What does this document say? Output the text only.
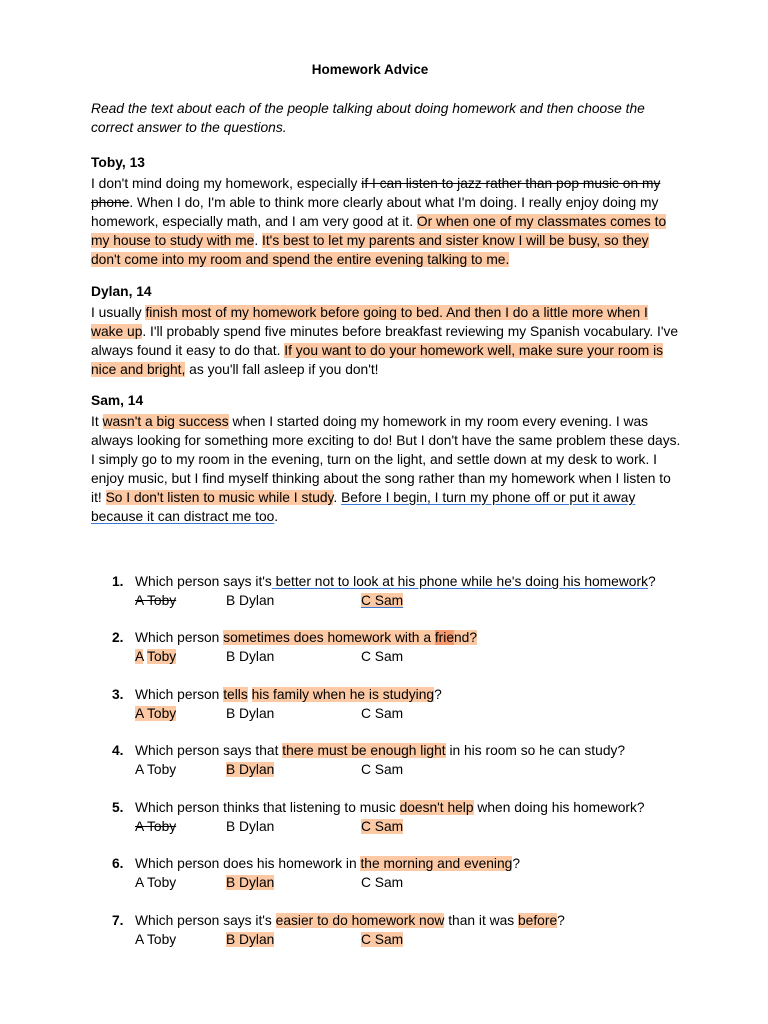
Homework Advice
Read the text about each of the people talking about doing homework and then choose the correct answer to the questions.
Toby, 13
I don't mind doing my homework, especially if I can listen to jazz rather than pop music on my phone. When I do, I'm able to think more clearly about what I'm doing. I really enjoy doing my homework, especially math, and I am very good at it. Or when one of my classmates comes to my house to study with me. It's best to let my parents and sister know I will be busy, so they don't come into my room and spend the entire evening talking to me.
Dylan, 14
I usually finish most of my homework before going to bed. And then I do a little more when I wake up. I'll probably spend five minutes before breakfast reviewing my Spanish vocabulary. I've always found it easy to do that. If you want to do your homework well, make sure your room is nice and bright, as you'll fall asleep if you don't!
Sam, 14
It wasn't a big success when I started doing my homework in my room every evening. I was always looking for something more exciting to do! But I don't have the same problem these days. I simply go to my room in the evening, turn on the light, and settle down at my desk to work. I enjoy music, but I find myself thinking about the song rather than my homework when I listen to it! So I don't listen to music while I study. Before I begin, I turn my phone off or put it away because it can distract me too.
1. Which person says it's better not to look at his phone while he's doing his homework?
A Toby	B Dylan	C Sam
2. Which person sometimes does homework with a friend?
A Toby	B Dylan	C Sam
3. Which person tells his family when he is studying?
A Toby	B Dylan	C Sam
4. Which person says that there must be enough light in his room so he can study?
A Toby	B Dylan	C Sam
5. Which person thinks that listening to music doesn't help when doing his homework?
A Toby	B Dylan	C Sam
6. Which person does his homework in the morning and evening?
A Toby	B Dylan	C Sam
7. Which person says it's easier to do homework now than it was before?
A Toby	B Dylan	C Sam
